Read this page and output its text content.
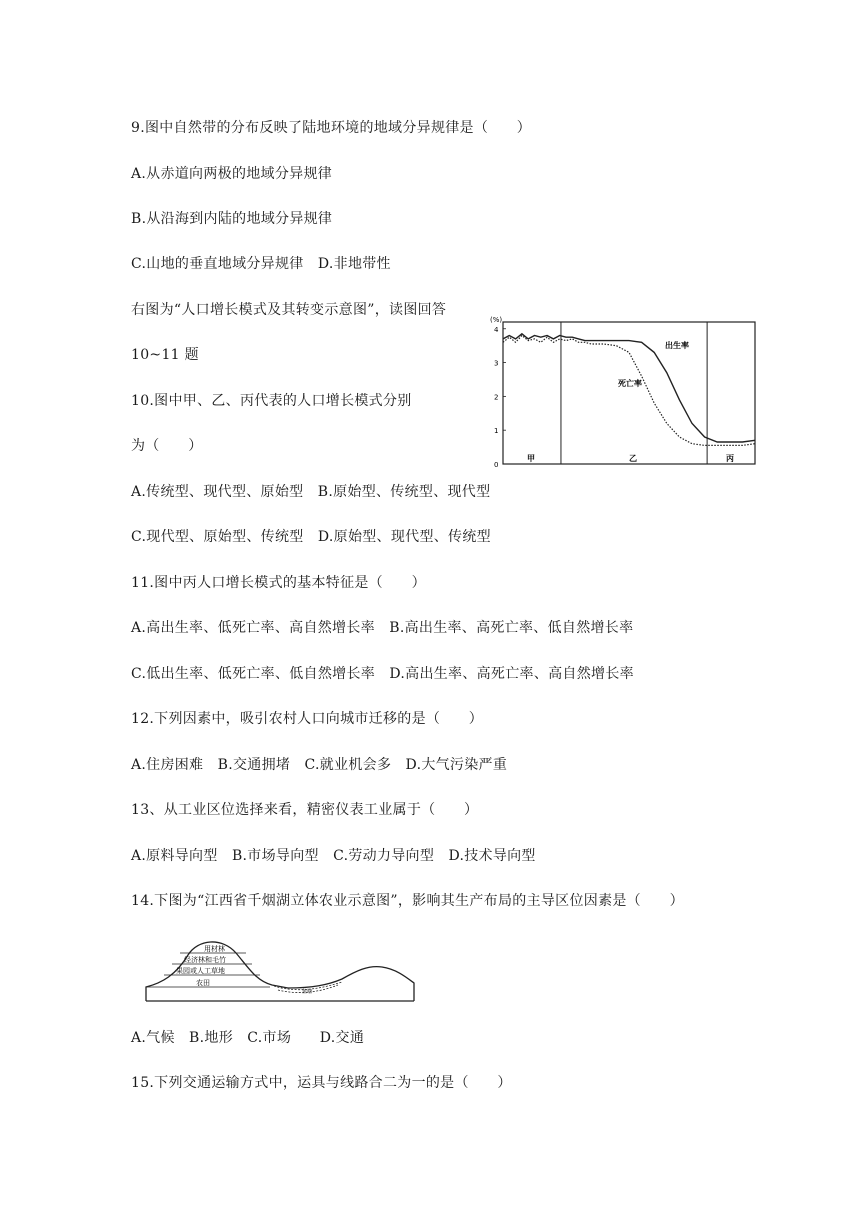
9.图中自然带的分布反映了陆地环境的地域分异规律是（　　）
A.从赤道向两极的地域分异规律
B.从沿海到内陆的地域分异规律
C.山地的垂直地域分异规律　D.非地带性
右图为“人口增长模式及其转变示意图”，读图回答
10~11 题
10.图中甲、乙、丙代表的人口增长模式分别
为（　　）
A.传统型、现代型、原始型　B.原始型、传统型、现代型
C.现代型、原始型、传统型　D.原始型、现代型、传统型
11.图中丙人口增长模式的基本特征是（　　）
A.高出生率、低死亡率、高自然增长率　B.高出生率、高死亡率、低自然增长率
C.低出生率、低死亡率、低自然增长率　D.高出生率、高死亡率、高自然增长率
12.下列因素中，吸引农村人口向城市迁移的是（　　）
A.住房困难　B.交通拥堵　C.就业机会多　D.大气污染严重
13、从工业区位选择来看，精密仪表工业属于（　　）
A.原料导向型　B.市场导向型　C.劳动力导向型　D.技术导向型
14.下图为“江西省千烟湖立体农业示意图”，影响其生产布局的主导区位因素是（　　）
A.气候　B.地形　C.市场　　D.交通
15.下列交通运输方式中，运具与线路合二为一的是（　　）
(%)
0
1
2
3
4
甲	乙	丙
出生率
死亡率
用材林
经济林和毛竹
果园或人工草地
农田
鱼塘
